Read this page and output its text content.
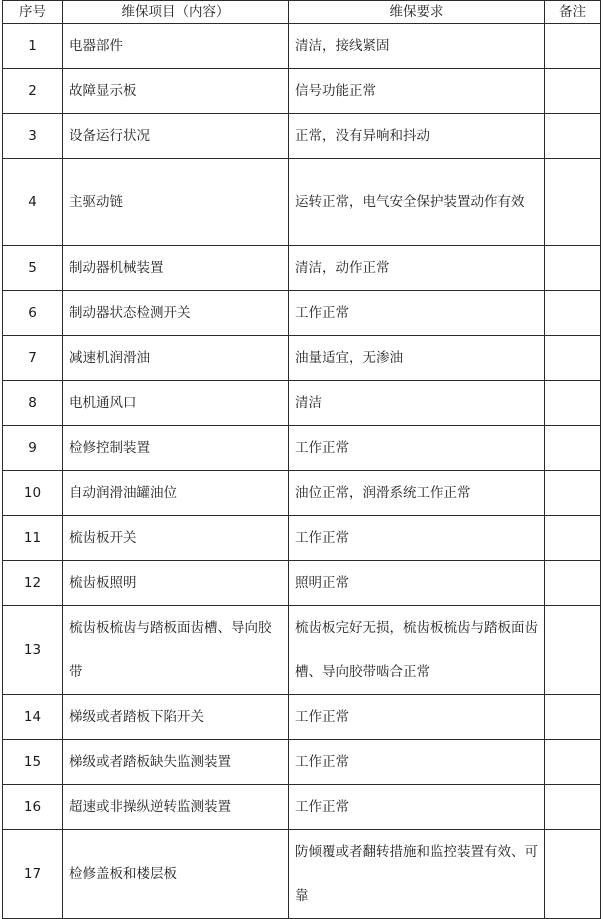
序号	维保项目（内容）	维保要求	备注
1	电器部件	清洁，接线紧固	
2	故障显示板	信号功能正常	
3	设备运行状况	正常，没有异响和抖动	
4	主驱动链	运转正常，电气安全保护装置动作有效	
5	制动器机械装置	清洁，动作正常	
6	制动器状态检测开关	工作正常	
7	减速机润滑油	油量适宜，无渗油	
8	电机通风口	清洁	
9	检修控制装置	工作正常	
10	自动润滑油罐油位	油位正常，润滑系统工作正常	
11	梳齿板开关	工作正常	
12	梳齿板照明	照明正常	
13	梳齿板梳齿与踏板面齿槽、导向胶带	梳齿板完好无损，梳齿板梳齿与踏板面齿槽、导向胶带啮合正常	
14	梯级或者踏板下陷开关	工作正常	
15	梯级或者踏板缺失监测装置	工作正常	
16	超速或非操纵逆转监测装置	工作正常	
17	检修盖板和楼层板	防倾覆或者翻转措施和监控装置有效、可靠	
